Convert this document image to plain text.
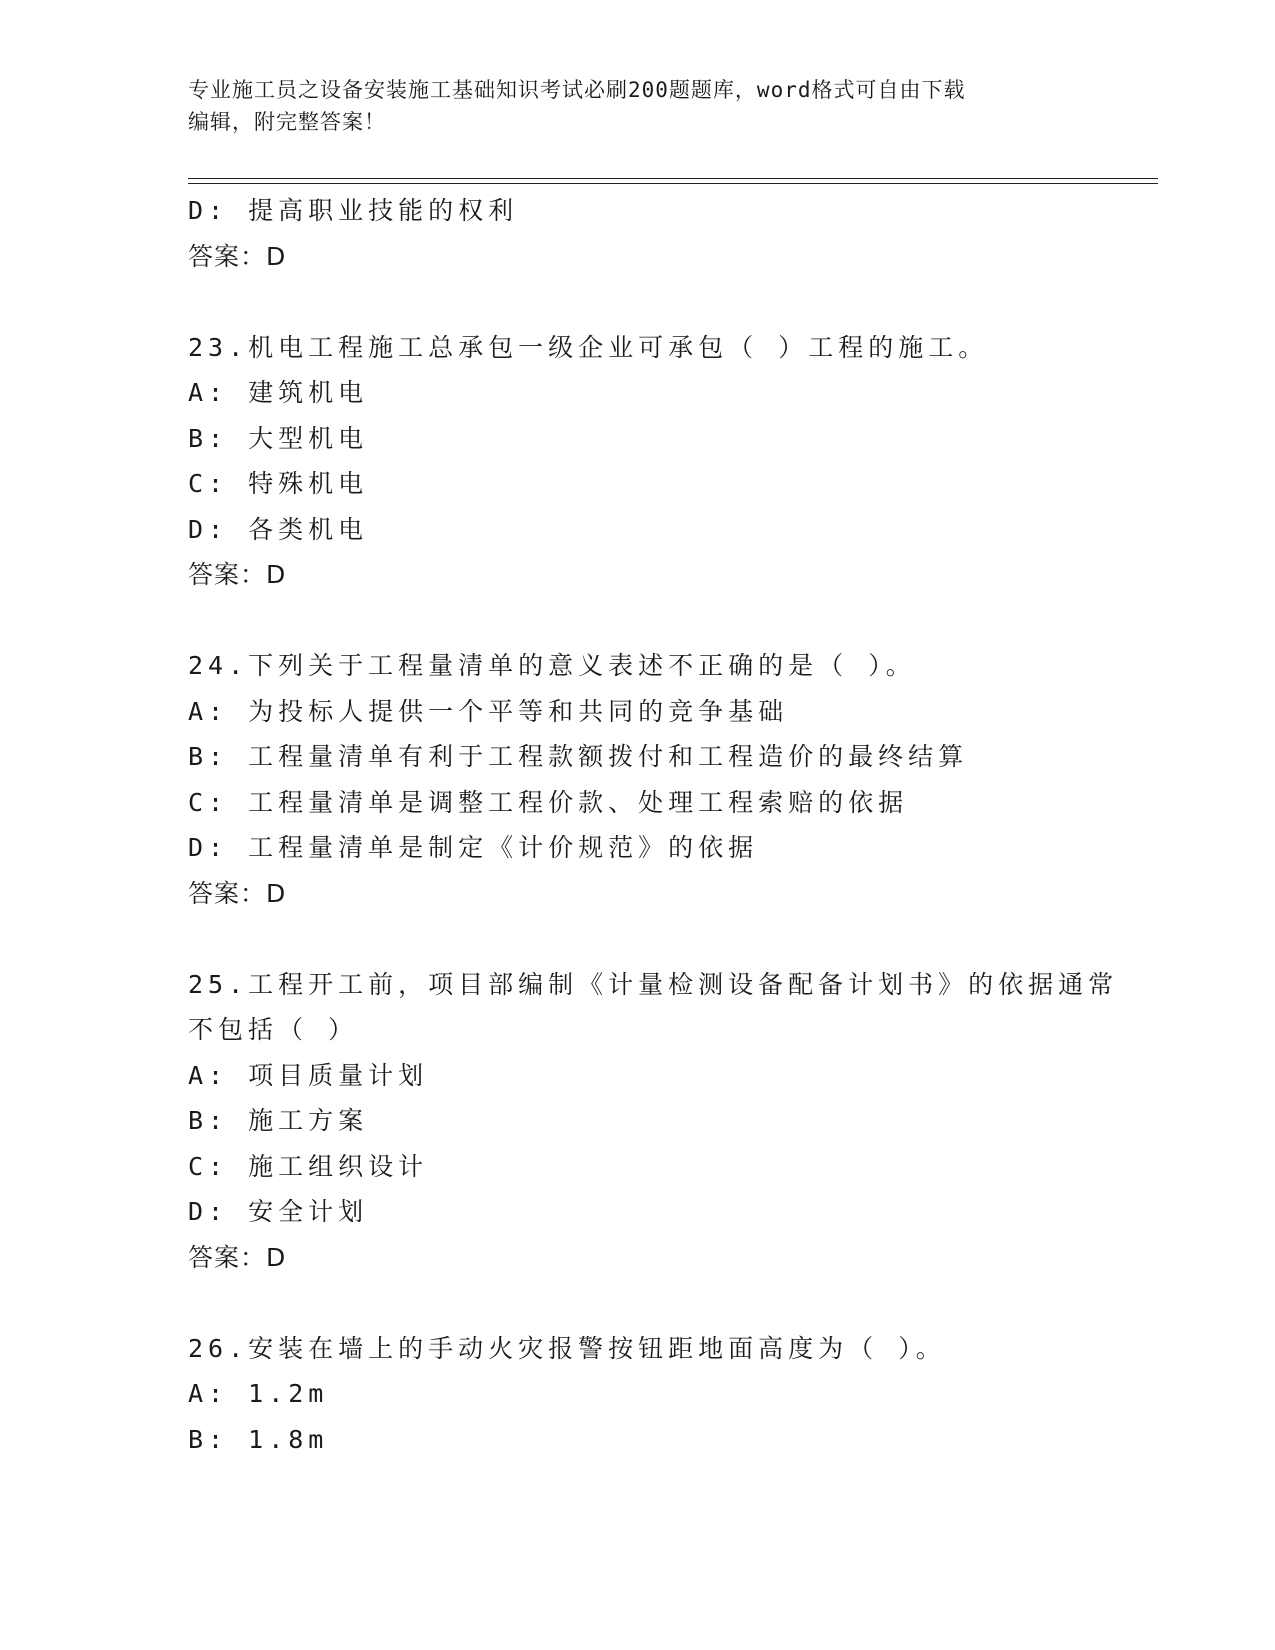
专业施工员之设备安装施工基础知识考试必刷200题题库，word格式可自由下载
编辑，附完整答案！
D: 提高职业技能的权利
答案：D
23.机电工程施工总承包一级企业可承包（ ）工程的施工。
A: 建筑机电
B: 大型机电
C: 特殊机电
D: 各类机电
答案：D
24.下列关于工程量清单的意义表述不正确的是（ ）。
A: 为投标人提供一个平等和共同的竞争基础
B: 工程量清单有利于工程款额拨付和工程造价的最终结算
C: 工程量清单是调整工程价款、处理工程索赔的依据
D: 工程量清单是制定《计价规范》的依据
答案：D
25.工程开工前，项目部编制《计量检测设备配备计划书》的依据通常
不包括（ ）
A: 项目质量计划
B: 施工方案
C: 施工组织设计
D: 安全计划
答案：D
26.安装在墙上的手动火灾报警按钮距地面高度为（ ）。
A: 1.2m
B: 1.8m
